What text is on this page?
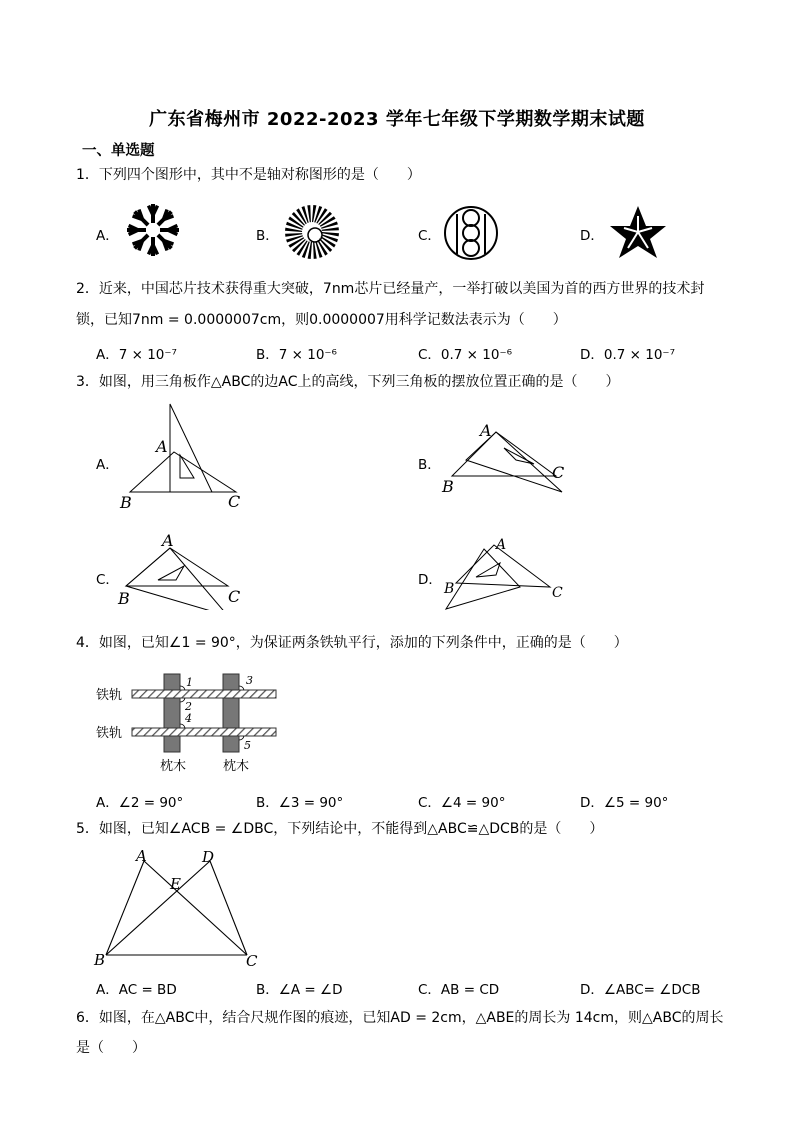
广东省梅州市 2022-2023 学年七年级下学期数学期末试题
一、单选题
1．下列四个图形中，其中不是轴对称图形的是（　　）
A．	B．	C．	D．
2．近来，中国芯片技术获得重大突破，7nm芯片已经量产，一举打破以美国为首的西方世界的技术封
锁，已知7nm = 0.0000007cm，则0.0000007用科学记数法表示为（　　）
A．7 × 10⁻⁷	B．7 × 10⁻⁶	C．0.7 × 10⁻⁶	D．0.7 × 10⁻⁷
3．如图，用三角板作△ABC的边AC上的高线，下列三角板的摆放位置正确的是（　　）
A．
A
B	C
B．
A
B
C
C．
A
B	C
D．
A
B	C
4．如图，已知∠1 = 90°，为保证两条铁轨平行，添加的下列条件中，正确的是（　　）
铁轨
铁轨
枕木	枕木
1
2
3
4
5
A．∠2 = 90°	B．∠3 = 90°	C．∠4 = 90°	D．∠5 = 90°
5．如图，已知∠ACB = ∠DBC，下列结论中，不能得到△ABC≌△DCB的是（　　）
A	D
E
B	C
A．AC = BD	B．∠A = ∠D	C．AB = CD	D．∠ABC= ∠DCB
6．如图，在△ABC中，结合尺规作图的痕迹，已知AD = 2cm，△ABE的周长为 14cm，则△ABC的周长
是（　　）
